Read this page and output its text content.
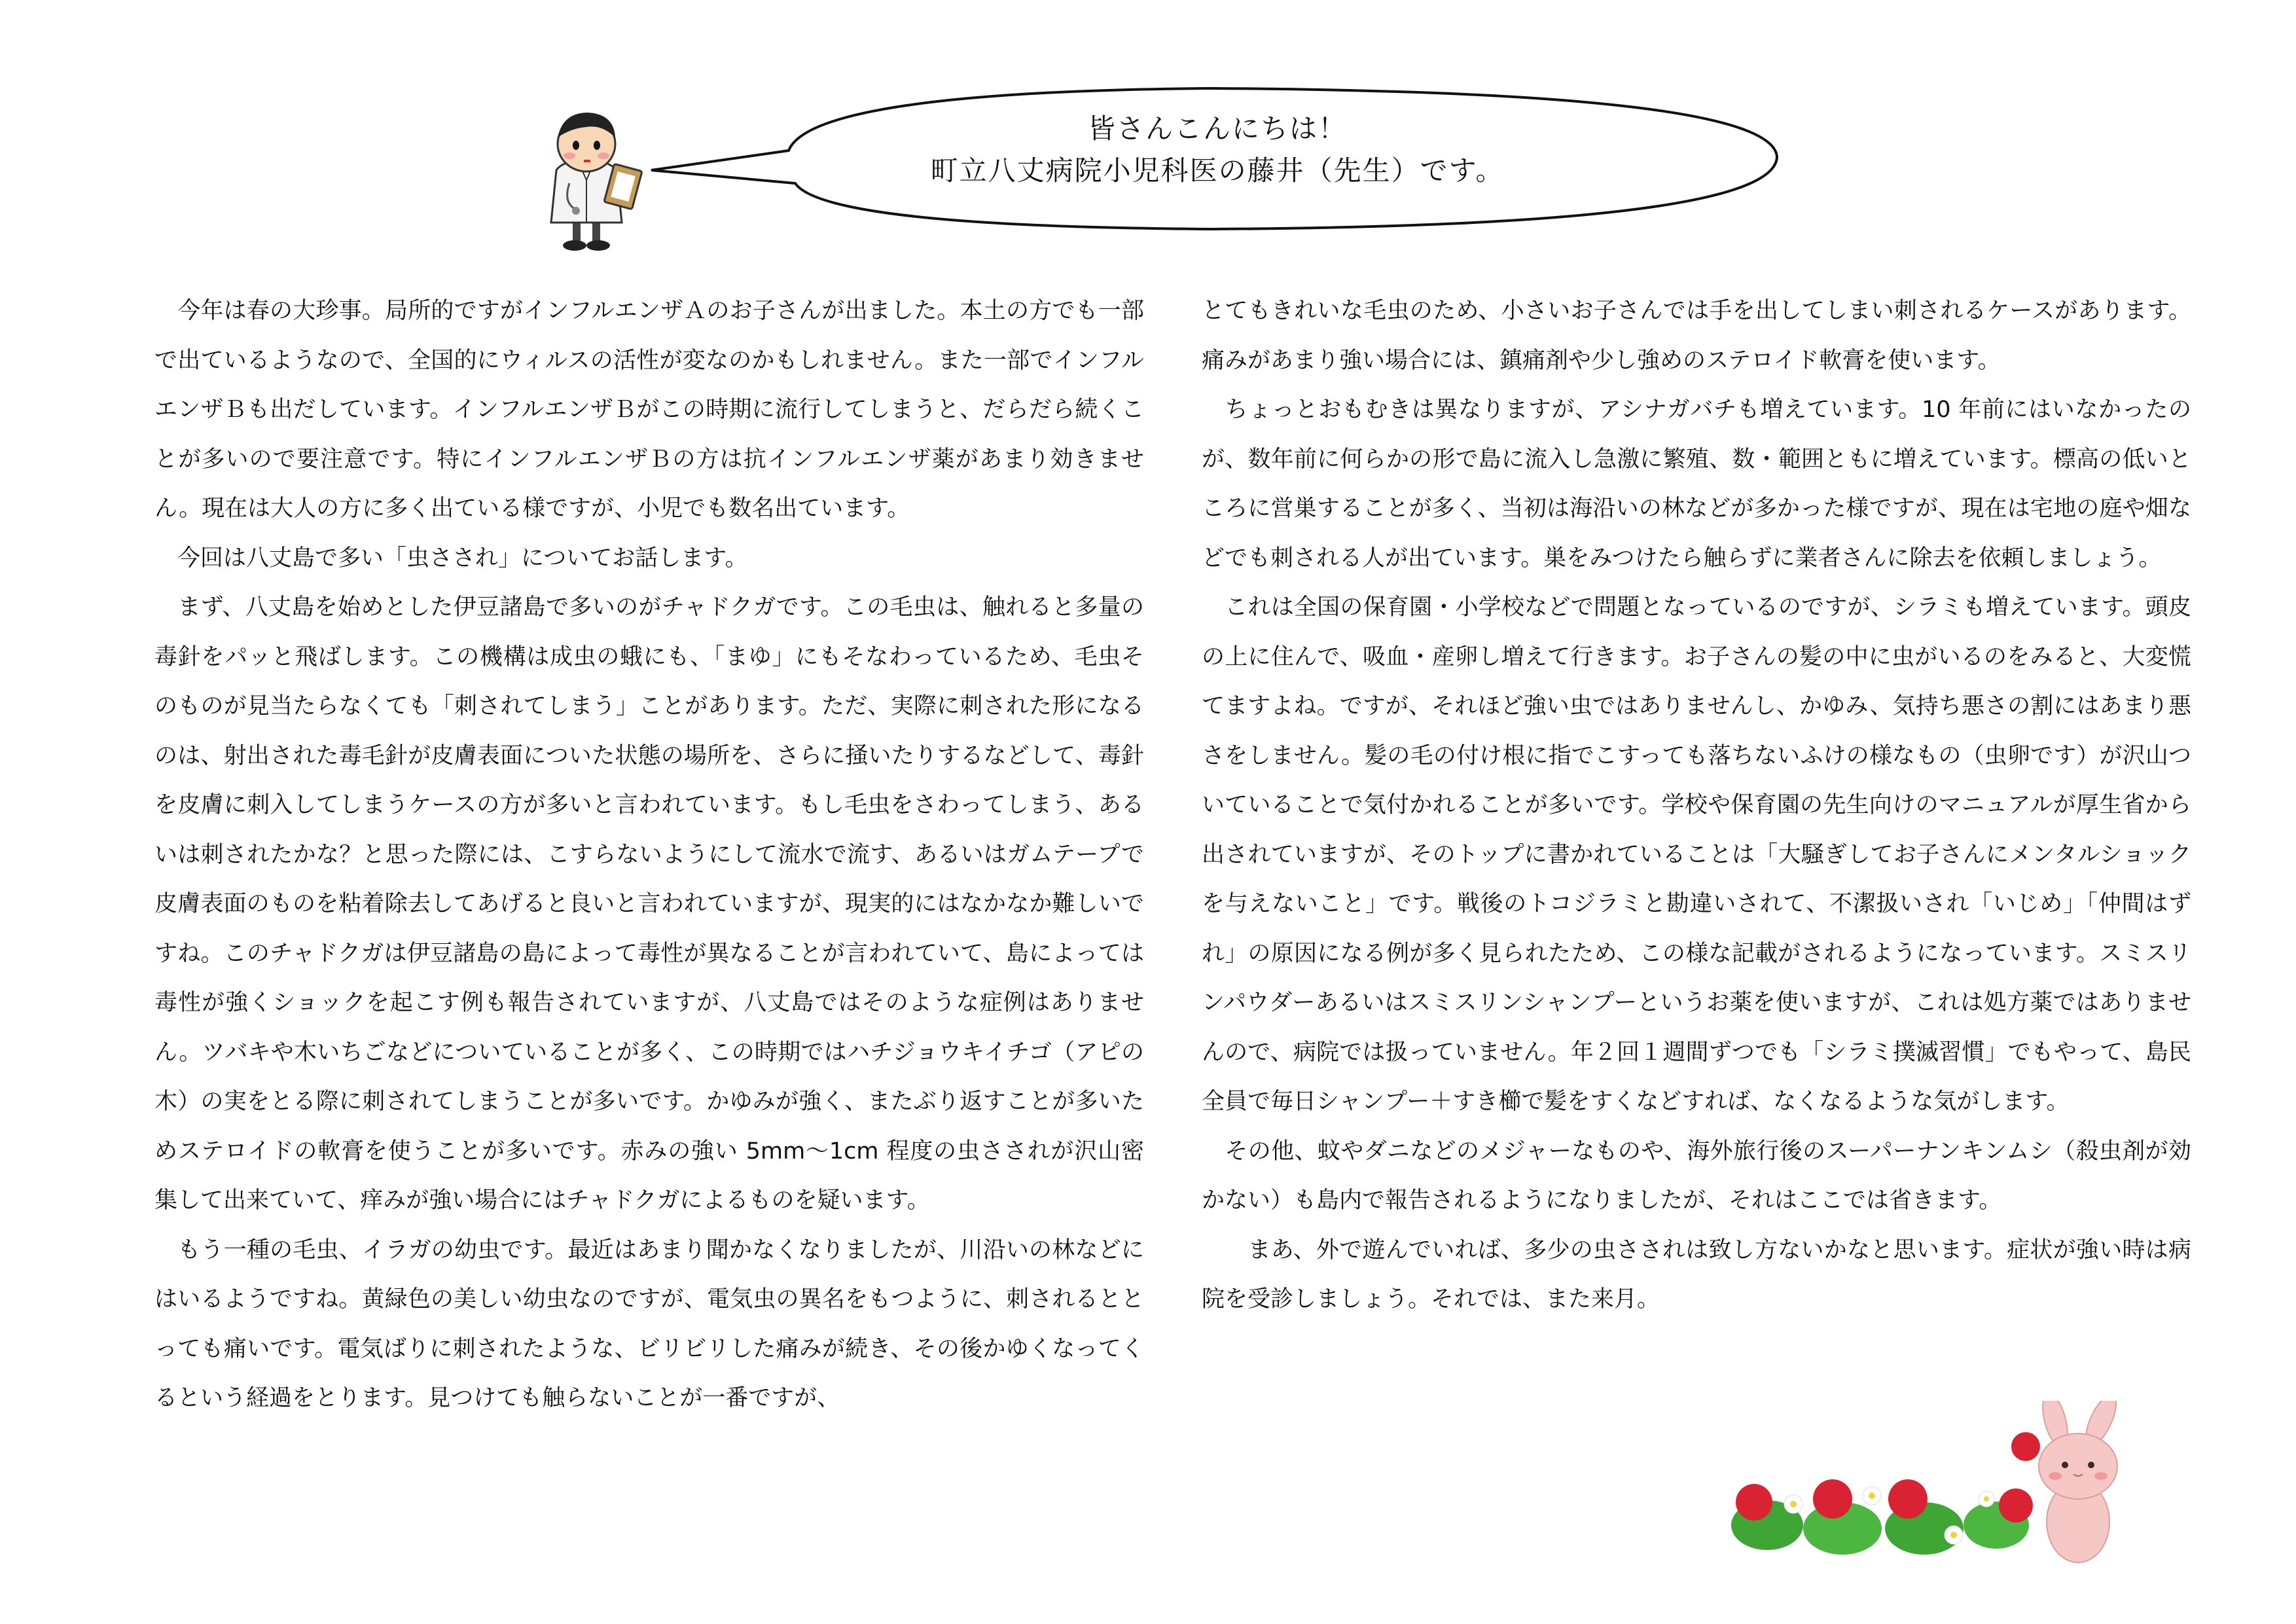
皆さんこんにちは！
町立八丈病院小児科医の藤井（先生）です。

　今年は春の大珍事。局所的ですがインフルエンザＡのお子さんが出ました。本土の方でも一部で出ているようなので、全国的にウィルスの活性が変なのかもしれません。また一部でインフルエンザＢも出だしています。インフルエンザＢがこの時期に流行してしまうと、だらだら続くことが多いので要注意です。特にインフルエンザＢの方は抗インフルエンザ薬があまり効きません。現在は大人の方に多く出ている様ですが、小児でも数名出ています。

　今回は八丈島で多い「虫さされ」についてお話します。

　まず、八丈島を始めとした伊豆諸島で多いのがチャドクガです。この毛虫は、触れると多量の毒針をパッと飛ばします。この機構は成虫の蛾にも、「まゆ」にもそなわっているため、毛虫そのものが見当たらなくても「刺されてしまう」ことがあります。ただ、実際に刺された形になるのは、射出された毒毛針が皮膚表面についた状態の場所を、さらに掻いたりするなどして、毒針を皮膚に刺入してしまうケースの方が多いと言われています。もし毛虫をさわってしまう、あるいは刺されたかな？と思った際には、こすらないようにして流水で流す、あるいはガムテープで皮膚表面のものを粘着除去してあげると良いと言われていますが、現実的にはなかなか難しいですね。このチャドクガは伊豆諸島の島によって毒性が異なることが言われていて、島によっては毒性が強くショックを起こす例も報告されていますが、八丈島ではそのような症例はありません。ツバキや木いちごなどについていることが多く、この時期ではハチジョウキイチゴ（アピの木）の実をとる際に刺されてしまうことが多いです。かゆみが強く、またぶり返すことが多いためステロイドの軟膏を使うことが多いです。赤みの強い 5mm～1cm 程度の虫さされが沢山密集して出来ていて、痒みが強い場合にはチャドクガによるものを疑います。

　もう一種の毛虫、イラガの幼虫です。最近はあまり聞かなくなりましたが、川沿いの林などにはいるようですね。黄緑色の美しい幼虫なのですが、電気虫の異名をもつように、刺されるととっても痛いです。電気ばりに刺されたような、ビリビリした痛みが続き、その後かゆくなってくるという経過をとります。見つけても触らないことが一番ですが、

とてもきれいな毛虫のため、小さいお子さんでは手を出してしまい刺されるケースがあります。痛みがあまり強い場合には、鎮痛剤や少し強めのステロイド軟膏を使います。

　ちょっとおもむきは異なりますが、アシナガバチも増えています。10 年前にはいなかったのが、数年前に何らかの形で島に流入し急激に繁殖、数・範囲ともに増えています。標高の低いところに営巣することが多く、当初は海沿いの林などが多かった様ですが、現在は宅地の庭や畑などでも刺される人が出ています。巣をみつけたら触らずに業者さんに除去を依頼しましょう。

　これは全国の保育園・小学校などで問題となっているのですが、シラミも増えています。頭皮の上に住んで、吸血・産卵し増えて行きます。お子さんの髪の中に虫がいるのをみると、大変慌てますよね。ですが、それほど強い虫ではありませんし、かゆみ、気持ち悪さの割にはあまり悪さをしません。髪の毛の付け根に指でこすっても落ちないふけの様なもの（虫卵です）が沢山ついていることで気付かれることが多いです。学校や保育園の先生向けのマニュアルが厚生省から出されていますが、そのトップに書かれていることは「大騒ぎしてお子さんにメンタルショックを与えないこと」です。戦後のトコジラミと勘違いされて、不潔扱いされ「いじめ」「仲間はずれ」の原因になる例が多く見られたため、この様な記載がされるようになっています。スミスリンパウダーあるいはスミスリンシャンプーというお薬を使いますが、これは処方薬ではありませんので、病院では扱っていません。年２回１週間ずつでも「シラミ撲滅習慣」でもやって、島民全員で毎日シャンプー＋すき櫛で髪をすくなどすれば、なくなるような気がします。

　その他、蚊やダニなどのメジャーなものや、海外旅行後のスーパーナンキンムシ（殺虫剤が効かない）も島内で報告されるようになりましたが、それはここでは省きます。

　　まあ、外で遊んでいれば、多少の虫さされは致し方ないかなと思います。症状が強い時は病院を受診しましょう。それでは、また来月。
